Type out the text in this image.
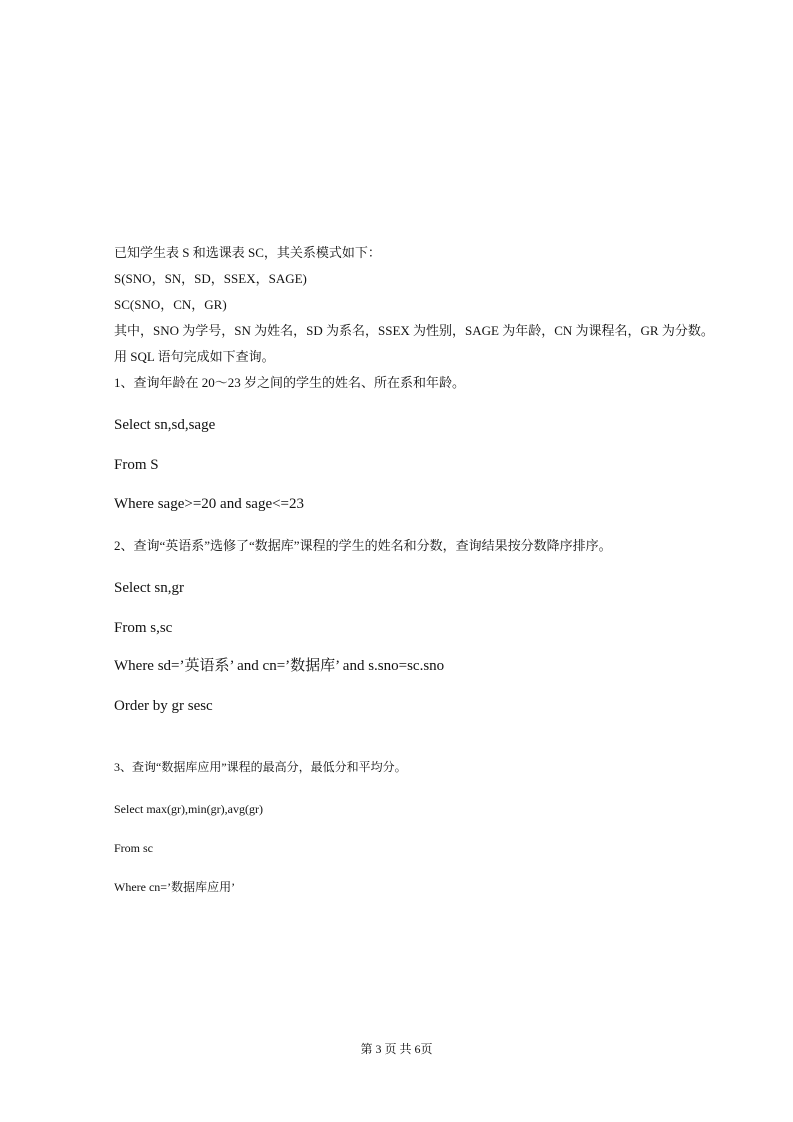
已知学生表 S 和选课表 SC，其关系模式如下：

S(SNO，SN，SD，SSEX，SAGE)

SC(SNO，CN，GR)

其中，SNO 为学号，SN 为姓名，SD 为系名，SSEX 为性别，SAGE 为年龄，CN 为课程名，GR 为分数。

用 SQL 语句完成如下查询。

1、查询年龄在 20～23 岁之间的学生的姓名、所在系和年龄。

Select sn,sd,sage

From S

Where sage>=20 and sage<=23

2、查询“英语系”选修了“数据库”课程的学生的姓名和分数，查询结果按分数降序排序。

Select sn,gr

From s,sc

Where sd=’英语系’ and cn=’数据库’ and s.sno=sc.sno

Order by gr sesc

3、查询“数据库应用”课程的最高分，最低分和平均分。

Select max(gr),min(gr),avg(gr)

From sc

Where cn=’数据库应用’

第 3 页 共 6页
